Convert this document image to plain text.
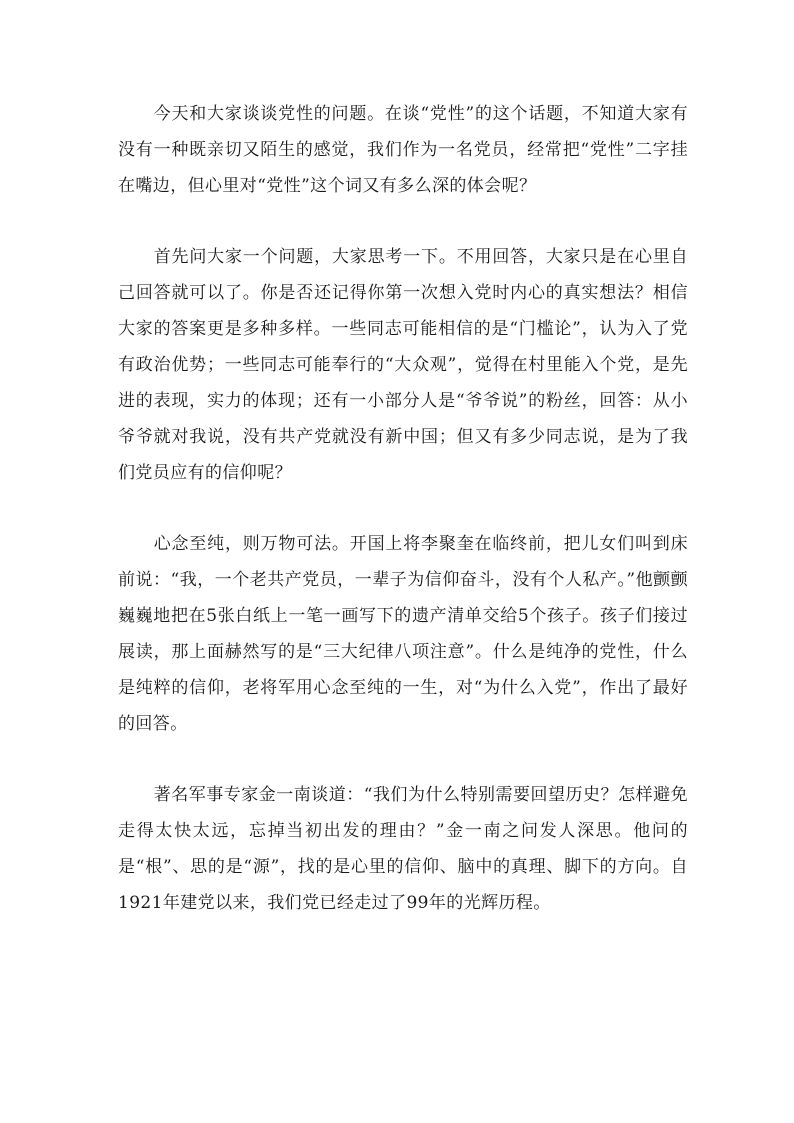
今天和大家谈谈党性的问题。在谈“党性”的这个话题，不知道大家有没有一种既亲切又陌生的感觉，我们作为一名党员，经常把“党性”二字挂在嘴边，但心里对“党性”这个词又有多么深的体会呢？

首先问大家一个问题，大家思考一下。不用回答，大家只是在心里自己回答就可以了。你是否还记得你第一次想入党时内心的真实想法？相信大家的答案更是多种多样。一些同志可能相信的是“门槛论”，认为入了党有政治优势；一些同志可能奉行的“大众观”，觉得在村里能入个党，是先进的表现，实力的体现；还有一小部分人是“爷爷说”的粉丝，回答：从小爷爷就对我说，没有共产党就没有新中国；但又有多少同志说，是为了我们党员应有的信仰呢？

心念至纯，则万物可法。开国上将李聚奎在临终前，把儿女们叫到床前说：“我，一个老共产党员，一辈子为信仰奋斗，没有个人私产。”他颤颤巍巍地把在5张白纸上一笔一画写下的遗产清单交给5个孩子。孩子们接过展读，那上面赫然写的是“三大纪律八项注意”。什么是纯净的党性，什么是纯粹的信仰，老将军用心念至纯的一生，对“为什么入党”，作出了最好的回答。

著名军事专家金一南谈道：“我们为什么特别需要回望历史？怎样避免走得太快太远，忘掉当初出发的理由？”金一南之问发人深思。他问的是“根”、思的是“源”，找的是心里的信仰、脑中的真理、脚下的方向。自1921年建党以来，我们党已经走过了99年的光辉历程。
